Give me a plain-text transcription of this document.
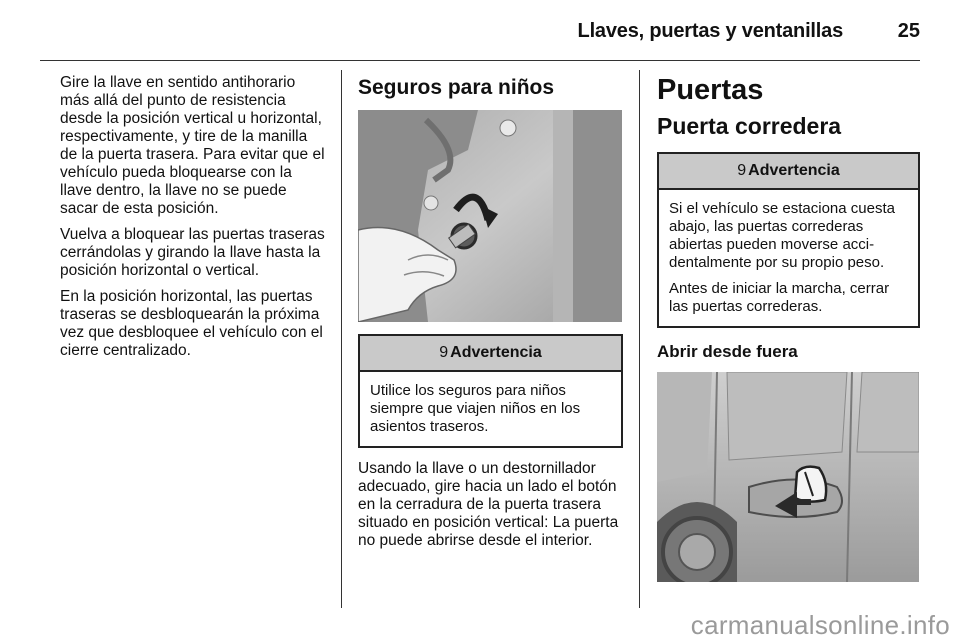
Llaves, puertas y ventanillas	25

Gire la llave en sentido antihorario más allá del punto de resistencia desde la posición vertical u horizontal, respectivamente, y tire de la manilla de la puerta trasera. Para evitar que el vehículo pueda bloquearse con la llave dentro, la llave no se puede sacar de esta posición.

Vuelva a bloquear las puertas traseras cerrándolas y girando la llave hasta la posición horizontal o vertical.

En la posición horizontal, las puertas traseras se desbloquearán la próxima vez que desbloquee el vehículo con el cierre centralizado.

Seguros para niños
9 Advertencia

Utilice los seguros para niños siempre que viajen niños en los asientos traseros.

Usando la llave o un destornillador adecuado, gire hacia un lado el botón en la cerradura de la puerta trasera situado en posición vertical: La puerta no puede abrirse desde el interior.

Puertas
Puerta corredera
9 Advertencia

Si el vehículo se estaciona cuesta abajo, las puertas correderas abiertas pueden moverse accidentalmente por su propio peso.

Antes de iniciar la marcha, cerrar las puertas correderas.

Abrir desde fuera
carmanualsonline.info
